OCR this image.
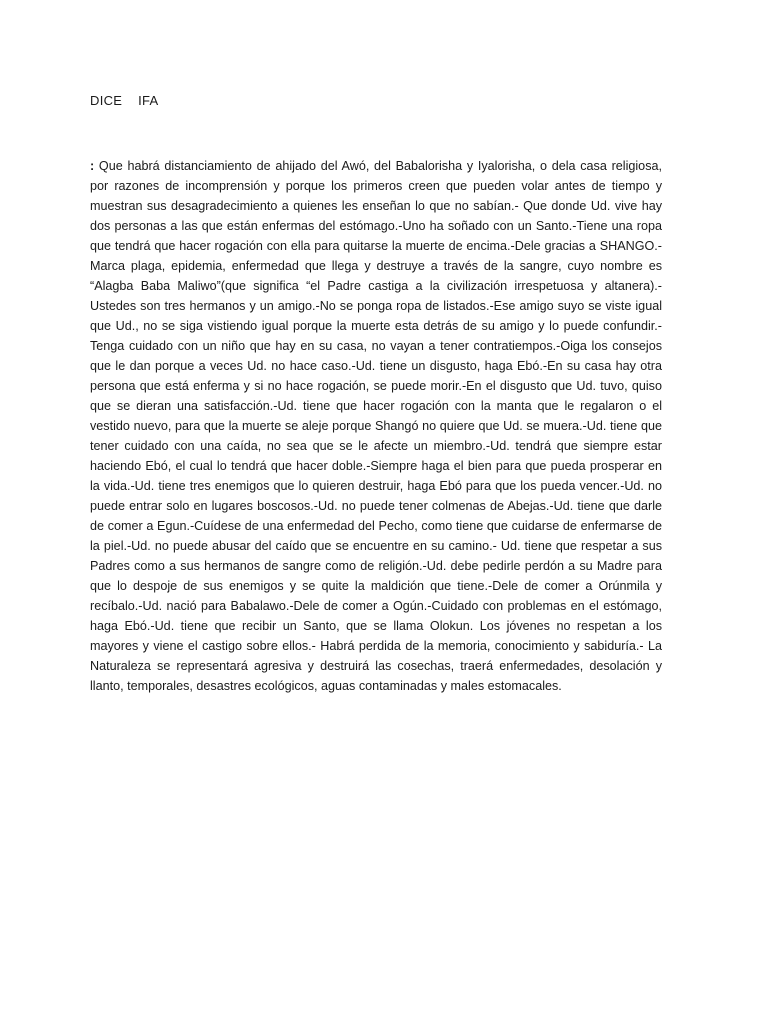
DICE  IFA

: Que habrá distanciamiento de ahijado del Awó, del Babalorisha y Iyalorisha, o dela casa religiosa, por razones de incomprensión y porque los primeros creen que pueden volar antes de tiempo y muestran sus desagradecimiento a quienes les enseñan lo que no sabían.- Que donde Ud. vive hay dos personas a las que están enfermas del estómago.-Uno ha soñado con un Santo.-Tiene una ropa que tendrá que hacer rogación con ella para quitarse la muerte de encima.-Dele gracias a SHANGO.-Marca plaga, epidemia, enfermedad que llega y destruye a través de la sangre, cuyo nombre es “Alagba Baba Maliwo”(que significa “el Padre castiga a la civilización irrespetuosa y altanera).-Ustedes son tres hermanos y un amigo.-No se ponga ropa de listados.-Ese amigo suyo se viste igual que Ud., no se siga vistiendo igual porque la muerte esta detrás de su amigo y lo puede confundir.-Tenga cuidado con un niño que hay en su casa, no vayan a tener contratiempos.-Oiga los consejos que le dan porque a veces Ud. no hace caso.-Ud. tiene un disgusto, haga Ebó.-En su casa hay otra persona que está enferma y si no hace rogación, se puede morir.-En el disgusto que Ud. tuvo, quiso que se dieran una satisfacción.-Ud. tiene que hacer rogación con la manta que le regalaron o el vestido nuevo, para que la muerte se aleje porque Shangó no quiere que Ud. se muera.-Ud. tiene que tener cuidado con una caída, no sea que se le afecte un miembro.-Ud. tendrá que siempre estar haciendo Ebó, el cual lo tendrá que hacer doble.-Siempre haga el bien para que pueda prosperar en la vida.-Ud. tiene tres enemigos que lo quieren destruir, haga Ebó para que los pueda vencer.-Ud. no puede entrar solo en lugares boscosos.-Ud. no puede tener colmenas de Abejas.-Ud. tiene que darle de comer a Egun.-Cuídese de una enfermedad del Pecho, como tiene que cuidarse de enfermarse de la piel.-Ud. no puede abusar del caído que se encuentre en su camino.- Ud. tiene que respetar a sus Padres como a sus hermanos de sangre como de religión.-Ud. debe pedirle perdón a su Madre para que lo despoje de sus enemigos y se quite la maldición que tiene.-Dele de comer a Orúnmila y recíbalo.-Ud. nació para Babalawo.-Dele de comer a Ogún.-Cuidado con problemas en el estómago, haga Ebó.-Ud. tiene que recibir un Santo, que se llama Olokun. Los jóvenes no respetan a los mayores y viene el castigo sobre ellos.- Habrá perdida de la memoria, conocimiento y sabiduría.- La Naturaleza se representará agresiva y destruirá las cosechas, traerá enfermedades, desolación y llanto, temporales, desastres ecológicos, aguas contaminadas y males estomacales.
